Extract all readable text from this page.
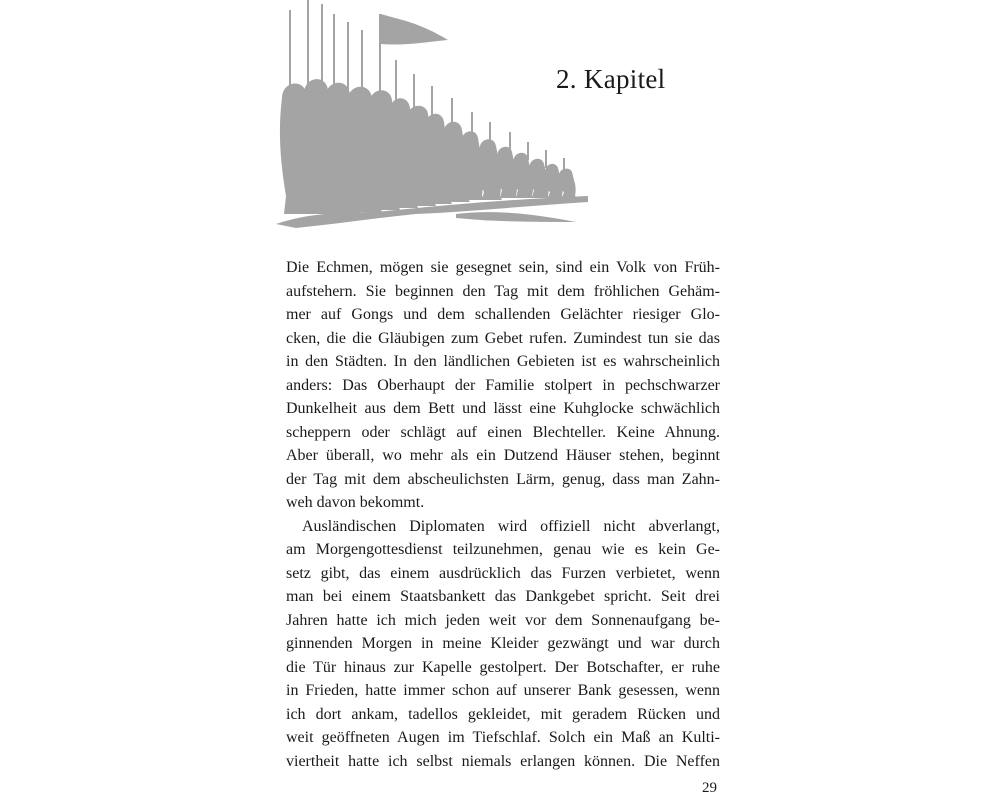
2. Kapitel
Die Echmen, mögen sie gesegnet sein, sind ein Volk von Früh-
aufstehern. Sie beginnen den Tag mit dem fröhlichen Gehäm-
mer auf Gongs und dem schallenden Gelächter riesiger Glo-
cken, die die Gläubigen zum Gebet rufen. Zumindest tun sie das
in den Städten. In den ländlichen Gebieten ist es wahrscheinlich
anders: Das Oberhaupt der Familie stolpert in pechschwarzer
Dunkelheit aus dem Bett und lässt eine Kuhglocke schwächlich
scheppern oder schlägt auf einen Blechteller. Keine Ahnung.
Aber überall, wo mehr als ein Dutzend Häuser stehen, beginnt
der Tag mit dem abscheulichsten Lärm, genug, dass man Zahn-
weh davon bekommt.
Ausländischen Diplomaten wird offiziell nicht abverlangt,
am Morgengottesdienst teilzunehmen, genau wie es kein Ge-
setz gibt, das einem ausdrücklich das Furzen verbietet, wenn
man bei einem Staatsbankett das Dankgebet spricht. Seit drei
Jahren hatte ich mich jeden weit vor dem Sonnenaufgang be-
ginnenden Morgen in meine Kleider gezwängt und war durch
die Tür hinaus zur Kapelle gestolpert. Der Botschafter, er ruhe
in Frieden, hatte immer schon auf unserer Bank gesessen, wenn
ich dort ankam, tadellos gekleidet, mit geradem Rücken und
weit geöffneten Augen im Tiefschlaf. Solch ein Maß an Kulti-
viertheit hatte ich selbst niemals erlangen können. Die Neffen
29
